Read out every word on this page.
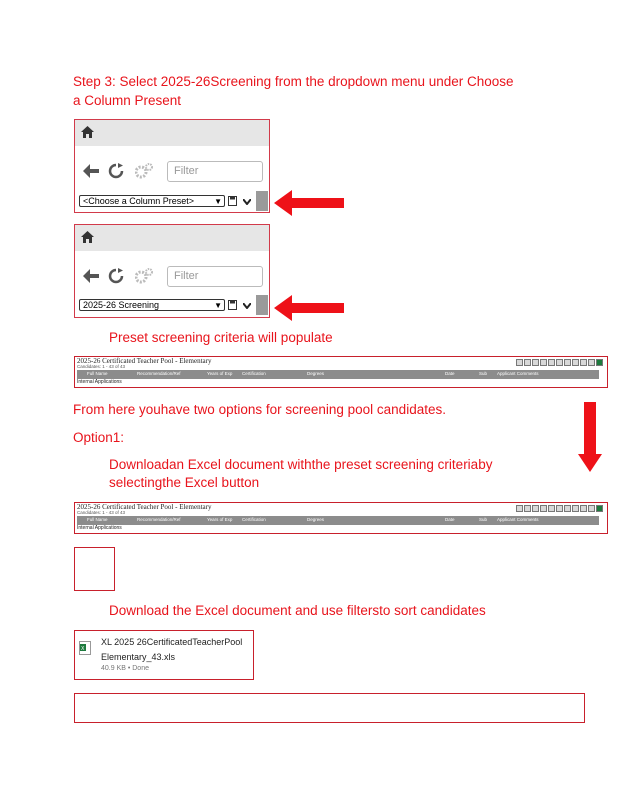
Step 3: Select 2025-26Screening from the dropdown menu under Choose
a Column Present
Filter
<Choose a Column Preset>	▼
Filter
2025-26 Screening	▼
Preset screening criteria will populate
2025-26 Certificated Teacher Pool - Elementary
Candidates: 1 - 43 of 43
Full Name	Recommendation/Ref	Years of Exp Certification	Degrees	Date	Sub Applicant Comments
Internal Applications
From here youhave two options for screening pool candidates.
Option1:
Downloadan Excel document withthe preset screening criteriaby
selectingthe Excel button
2025-26 Certificated Teacher Pool - Elementary
Candidates: 1 - 43 of 43
Full Name	Recommendation/Ref	Years of Exp Certification	Degrees	Date	Sub Applicant Comments
Internal Applications
Download the Excel document and use filtersto sort candidates
X
XL 2025 26CertificatedTeacherPool
Elementary_43.xls
40.9 KB • Done
